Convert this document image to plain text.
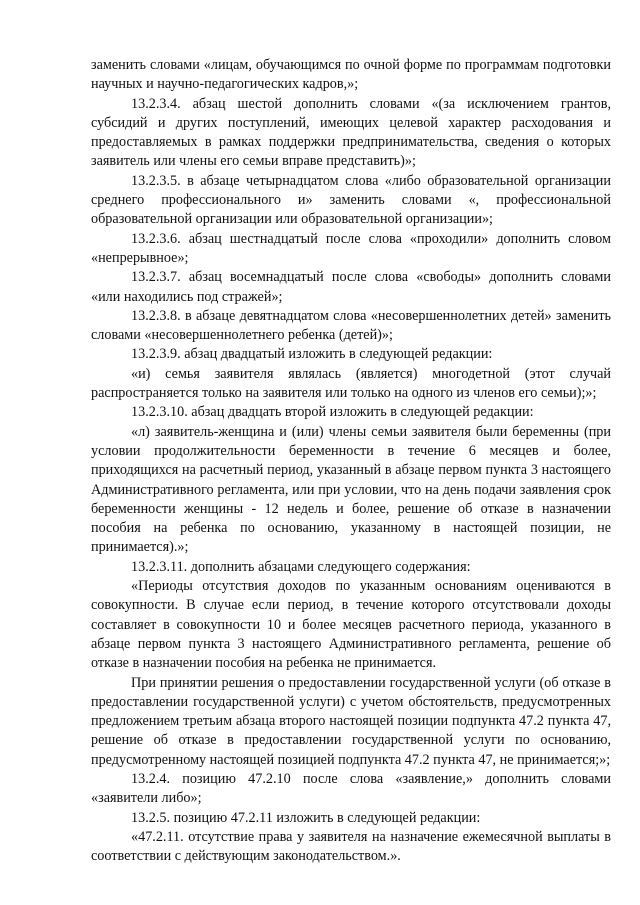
заменить словами «лицам, обучающимся по очной форме по программам подготовки научных и научно-педагогических кадров,»;

13.2.3.4. абзац шестой дополнить словами «(за исключением грантов, субсидий и других поступлений, имеющих целевой характер расходования и предоставляемых в рамках поддержки предпринимательства, сведения о которых заявитель или члены его семьи вправе представить)»;

13.2.3.5. в абзаце четырнадцатом слова «либо образовательной организации среднего профессионального и» заменить словами «, профессиональной образовательной организации или образовательной организации»;

13.2.3.6. абзац шестнадцатый после слова «проходили» дополнить словом «непрерывное»;

13.2.3.7. абзац восемнадцатый после слова «свободы» дополнить словами «или находились под стражей»;

13.2.3.8. в абзаце девятнадцатом слова «несовершеннолетних детей» заменить словами «несовершеннолетнего ребенка (детей)»;

13.2.3.9. абзац двадцатый изложить в следующей редакции:

«и) семья заявителя являлась (является) многодетной (этот случай распространяется только на заявителя или только на одного из членов его семьи);»;

13.2.3.10. абзац двадцать второй изложить в следующей редакции:

«л) заявитель-женщина и (или) члены семьи заявителя были беременны (при условии продолжительности беременности в течение 6 месяцев и более, приходящихся на расчетный период, указанный в абзаце первом пункта 3 настоящего Административного регламента, или при условии, что на день подачи заявления срок беременности женщины - 12 недель и более, решение об отказе в назначении пособия на ребенка по основанию, указанному в настоящей позиции, не принимается).»;

13.2.3.11. дополнить абзацами следующего содержания:

«Периоды отсутствия доходов по указанным основаниям оцениваются в совокупности. В случае если период, в течение которого отсутствовали доходы составляет в совокупности 10 и более месяцев расчетного периода, указанного в абзаце первом пункта 3 настоящего Административного регламента, решение об отказе в назначении пособия на ребенка не принимается.

При принятии решения о предоставлении государственной услуги (об отказе в предоставлении государственной услуги) с учетом обстоятельств, предусмотренных предложением третьим абзаца второго настоящей позиции подпункта 47.2 пункта 47, решение об отказе в предоставлении государственной услуги по основанию, предусмотренному настоящей позицией подпункта 47.2 пункта 47, не принимается;»;

13.2.4. позицию 47.2.10 после слова «заявление,» дополнить словами «заявители либо»;

13.2.5. позицию 47.2.11 изложить в следующей редакции:

«47.2.11. отсутствие права у заявителя на назначение ежемесячной выплаты в соответствии с действующим законодательством.».
